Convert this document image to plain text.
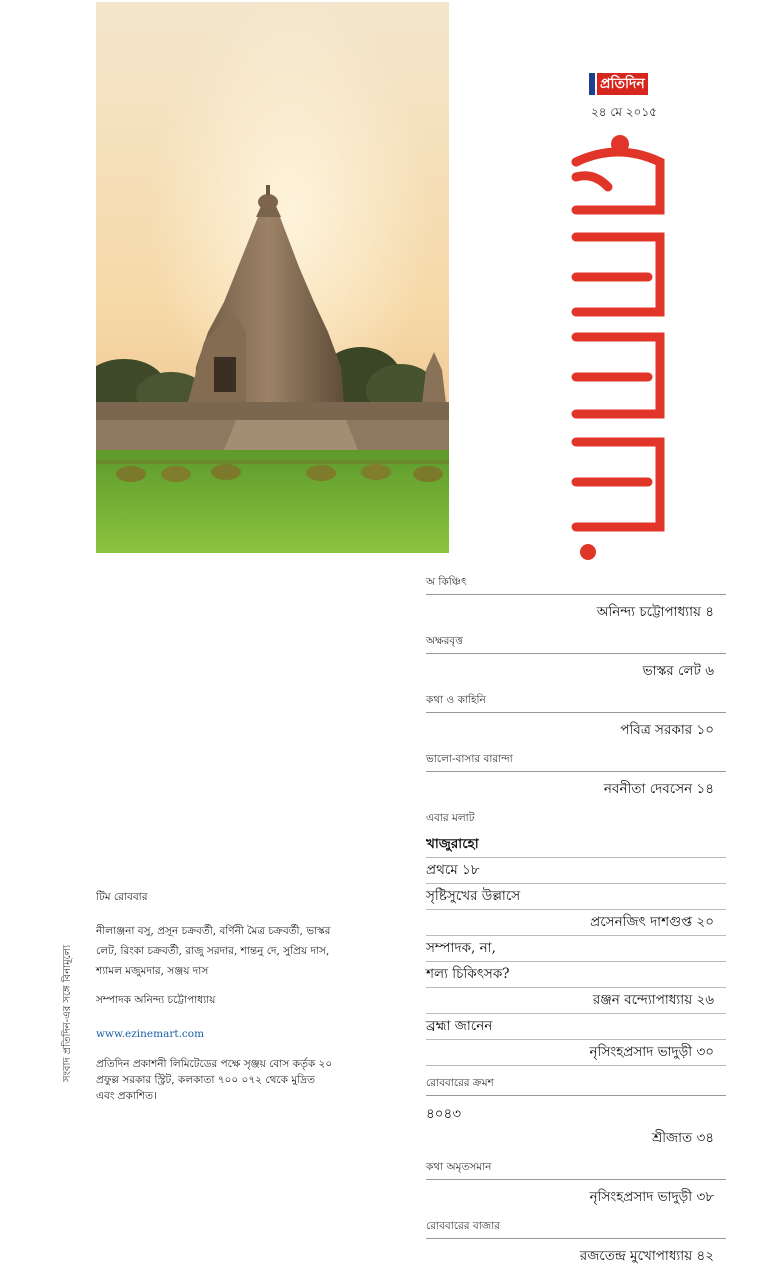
প্রতিদিন
২৪ মে ২০১৫
অ কিঞ্চিৎ
অনিন্দ্য চট্টোপাধ্যায় ৪
অক্ষরবৃত্ত
ভাস্কর লেট ৬
কথা ও কাহিনি
পবিত্র সরকার ১০
ভালো-বাসার বারান্দা
নবনীতা দেবসেন ১৪
এবার মলাট
খাজুরাহো
প্রথমে ১৮
সৃষ্টিসুখের উল্লাসে
প্রসেনজিৎ দাশগুপ্ত ২০
সম্পাদক, না,
শল্য চিকিৎসক?
রঞ্জন বন্দ্যোপাধ্যায় ২৬
ব্রহ্মা জানেন
নৃসিংহপ্রসাদ ভাদুড়ী ৩০
রোববারের ক্রমশ
৪০৪৩
শ্রীজাত ৩৪
কথা অমৃতসমান
নৃসিংহপ্রসাদ ভাদুড়ী ৩৮
রোববারের বাজার
রজতেন্দ্র মুখোপাধ্যায় ৪২
টিম রোববার
নীলাঞ্জনা বসু, প্রসূন চক্রবর্তী, বর্ণিনী মৈত্র চক্রবর্তী, ভাস্কর লেট, রিংকা চক্রবর্তী, রাজু সরদার, শান্তনু দে, সুপ্রিয় দাস, শ্যামল মজুমদার, সঞ্জয় দাস
সম্পাদক অনিন্দ্য চট্টোপাধ্যায়
www.ezinemart.com
প্রতিদিন প্রকাশনী লিমিটেডের পক্ষে সৃঞ্জয় বোস কর্তৃক ২০ প্রফুল্ল সরকার স্ট্রিট, কলকাতা ৭০০ ০৭২ থেকে মুদ্রিত এবং প্রকাশিত।
সংবাদ প্রতিদিন-এর সঙ্গে বিনামূল্যে
